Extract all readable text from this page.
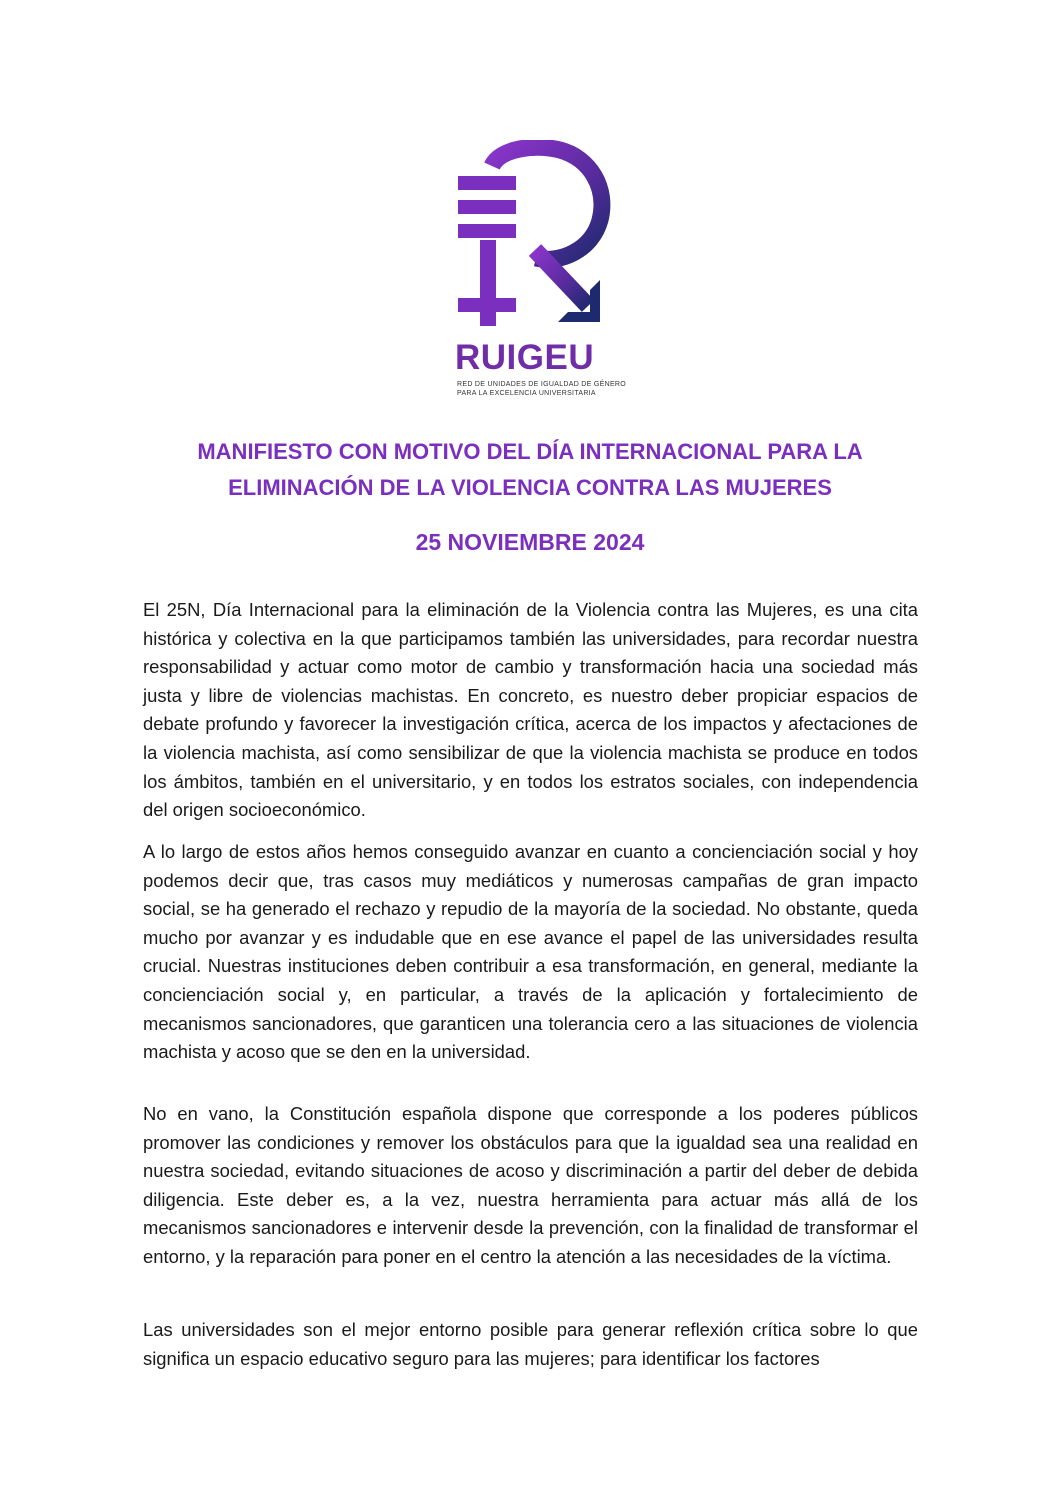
RUIGEU
RED DE UNIDADES DE IGUALDAD DE GÉNERO
PARA LA EXCELENCIA UNIVERSITARIA
MANIFIESTO CON MOTIVO DEL DÍA INTERNACIONAL PARA LA
ELIMINACIÓN DE LA VIOLENCIA CONTRA LAS MUJERES
25 NOVIEMBRE 2024

El 25N, Día Internacional para la eliminación de la Violencia contra las Mujeres, es una cita histórica y colectiva en la que participamos también las universidades, para recordar nuestra responsabilidad y actuar como motor de cambio y transformación hacia una sociedad más justa y libre de violencias machistas. En concreto, es nuestro deber propiciar espacios de debate profundo y favorecer la investigación crítica, acerca de los impactos y afectaciones de la violencia machista, así como sensibilizar de que la violencia machista se produce en todos los ámbitos, también en el universitario, y en todos los estratos sociales, con independencia del origen socioeconómico.

A lo largo de estos años hemos conseguido avanzar en cuanto a concienciación social y hoy podemos decir que, tras casos muy mediáticos y numerosas campañas de gran impacto social, se ha generado el rechazo y repudio de la mayoría de la sociedad. No obstante, queda mucho por avanzar y es indudable que en ese avance el papel de las universidades resulta crucial. Nuestras instituciones deben contribuir a esa transformación, en general, mediante la concienciación social y, en particular, a través de la aplicación y fortalecimiento de mecanismos sancionadores, que garanticen una tolerancia cero a las situaciones de violencia machista y acoso que se den en la universidad.

No en vano, la Constitución española dispone que corresponde a los poderes públicos promover las condiciones y remover los obstáculos para que la igualdad sea una realidad en nuestra sociedad, evitando situaciones de acoso y discriminación a partir del deber de debida diligencia. Este deber es, a la vez, nuestra herramienta para actuar más allá de los mecanismos sancionadores e intervenir desde la prevención, con la finalidad de transformar el entorno, y la reparación para poner en el centro la atención a las necesidades de la víctima.

Las universidades son el mejor entorno posible para generar reflexión crítica sobre lo que significa un espacio educativo seguro para las mujeres; para identificar los factores
